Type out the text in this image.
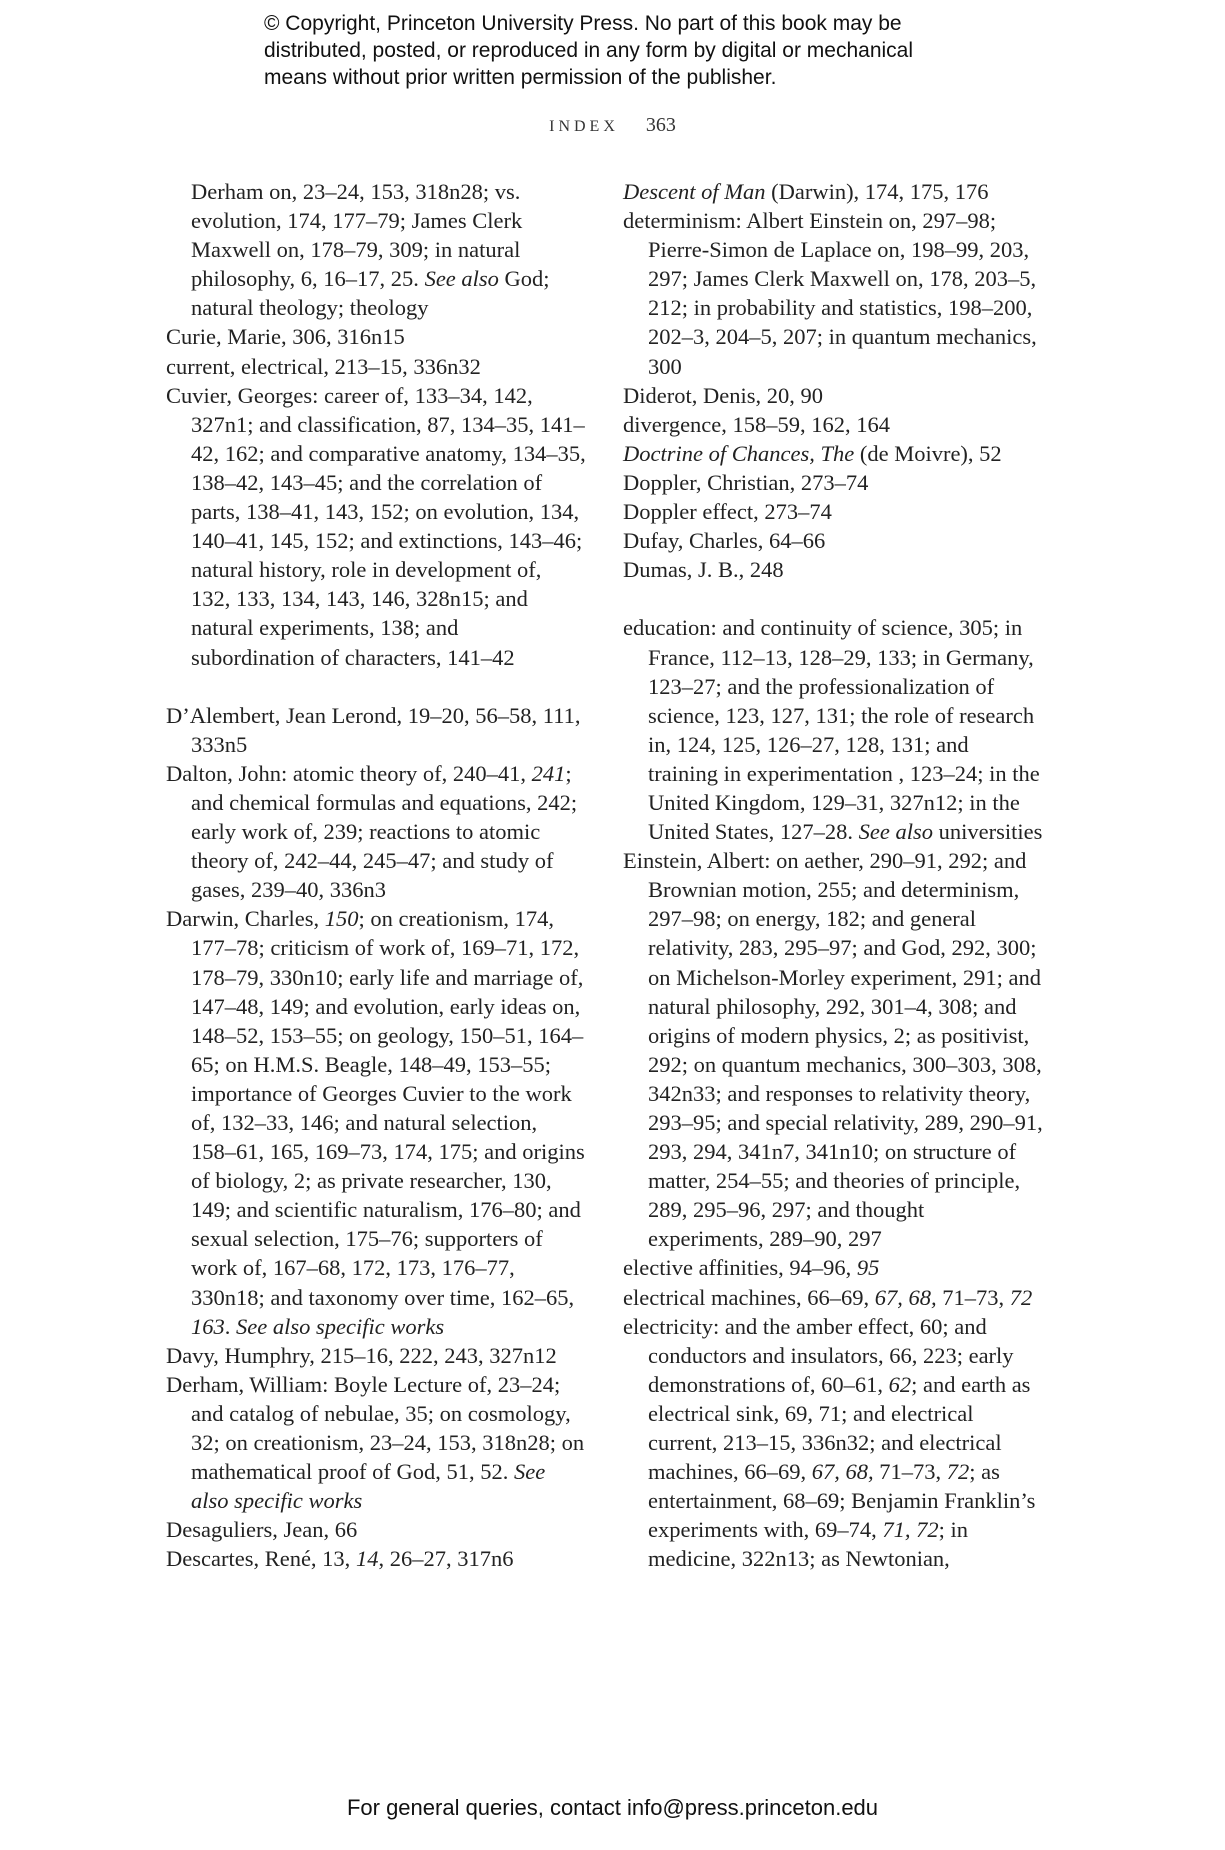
© Copyright, Princeton University Press. No part of this book may be
distributed, posted, or reproduced in any form by digital or mechanical
means without prior written permission of the publisher.
INDEX 363

Derham on, 23–24, 153, 318n28; vs. evolution, 174, 177–79; James Clerk Maxwell on, 178–79, 309; in natural philosophy, 6, 16–17, 25. See also God; natural theology; theology

Curie, Marie, 306, 316n15

current, electrical, 213–15, 336n32

Cuvier, Georges: career of, 133–34, 142, 327n1; and classification, 87, 134–35, 141–42, 162; and comparative anatomy, 134–35, 138–42, 143–45; and the correlation of parts, 138–41, 143, 152; on evolution, 134, 140–41, 145, 152; and extinctions, 143–46; natural history, role in development of, 132, 133, 134, 143, 146, 328n15; and natural experiments, 138; and subordination of characters, 141–42

D’Alembert, Jean Lerond, 19–20, 56–58, 111, 333n5

Dalton, John: atomic theory of, 240–41, 241; and chemical formulas and equations, 242; early work of, 239; reactions to atomic theory of, 242–44, 245–47; and study of gases, 239–40, 336n3

Darwin, Charles, 150; on creationism, 174, 177–78; criticism of work of, 169–71, 172, 178–79, 330n10; early life and marriage of, 147–48, 149; and evolution, early ideas on, 148–52, 153–55; on geology, 150–51, 164–65; on H.M.S. Beagle, 148–49, 153–55; importance of Georges Cuvier to the work of, 132–33, 146; and natural selection, 158–61, 165, 169–73, 174, 175; and origins of biology, 2; as private researcher, 130, 149; and scientific naturalism, 176–80; and sexual selection, 175–76; supporters of work of, 167–68, 172, 173, 176–77, 330n18; and taxonomy over time, 162–65, 163. See also specific works

Davy, Humphry, 215–16, 222, 243, 327n12

Derham, William: Boyle Lecture of, 23–24; and catalog of nebulae, 35; on cosmology, 32; on creationism, 23–24, 153, 318n28; on mathematical proof of God, 51, 52. See also specific works

Desaguliers, Jean, 66

Descartes, René, 13, 14, 26–27, 317n6

Descent of Man (Darwin), 174, 175, 176

determinism: Albert Einstein on, 297–98; Pierre-Simon de Laplace on, 198–99, 203, 297; James Clerk Maxwell on, 178, 203–5, 212; in probability and statistics, 198–200, 202–3, 204–5, 207; in quantum mechanics, 300

Diderot, Denis, 20, 90

divergence, 158–59, 162, 164

Doctrine of Chances, The (de Moivre), 52

Doppler, Christian, 273–74

Doppler effect, 273–74

Dufay, Charles, 64–66

Dumas, J. B., 248

education: and continuity of science, 305; in France, 112–13, 128–29, 133; in Germany, 123–27; and the professionalization of science, 123, 127, 131; the role of research in, 124, 125, 126–27, 128, 131; and training in experimentation , 123–24; in the United Kingdom, 129–31, 327n12; in the United States, 127–28. See also universities

Einstein, Albert: on aether, 290–91, 292; and Brownian motion, 255; and determinism, 297–98; on energy, 182; and general relativity, 283, 295–97; and God, 292, 300; on Michelson-Morley experiment, 291; and natural philosophy, 292, 301–4, 308; and origins of modern physics, 2; as positivist, 292; on quantum mechanics, 300–303, 308, 342n33; and responses to relativity theory, 293–95; and special relativity, 289, 290–91, 293, 294, 341n7, 341n10; on structure of matter, 254–55; and theories of principle, 289, 295–96, 297; and thought experiments, 289–90, 297

elective affinities, 94–96, 95

electrical machines, 66–69, 67, 68, 71–73, 72

electricity: and the amber effect, 60; and conductors and insulators, 66, 223; early demonstrations of, 60–61, 62; and earth as electrical sink, 69, 71; and electrical current, 213–15, 336n32; and electrical machines, 66–69, 67, 68, 71–73, 72; as entertainment, 68–69; Benjamin Franklin’s experiments with, 69–74, 71, 72; in medicine, 322n13; as Newtonian,

For general queries, contact info@press.princeton.edu
